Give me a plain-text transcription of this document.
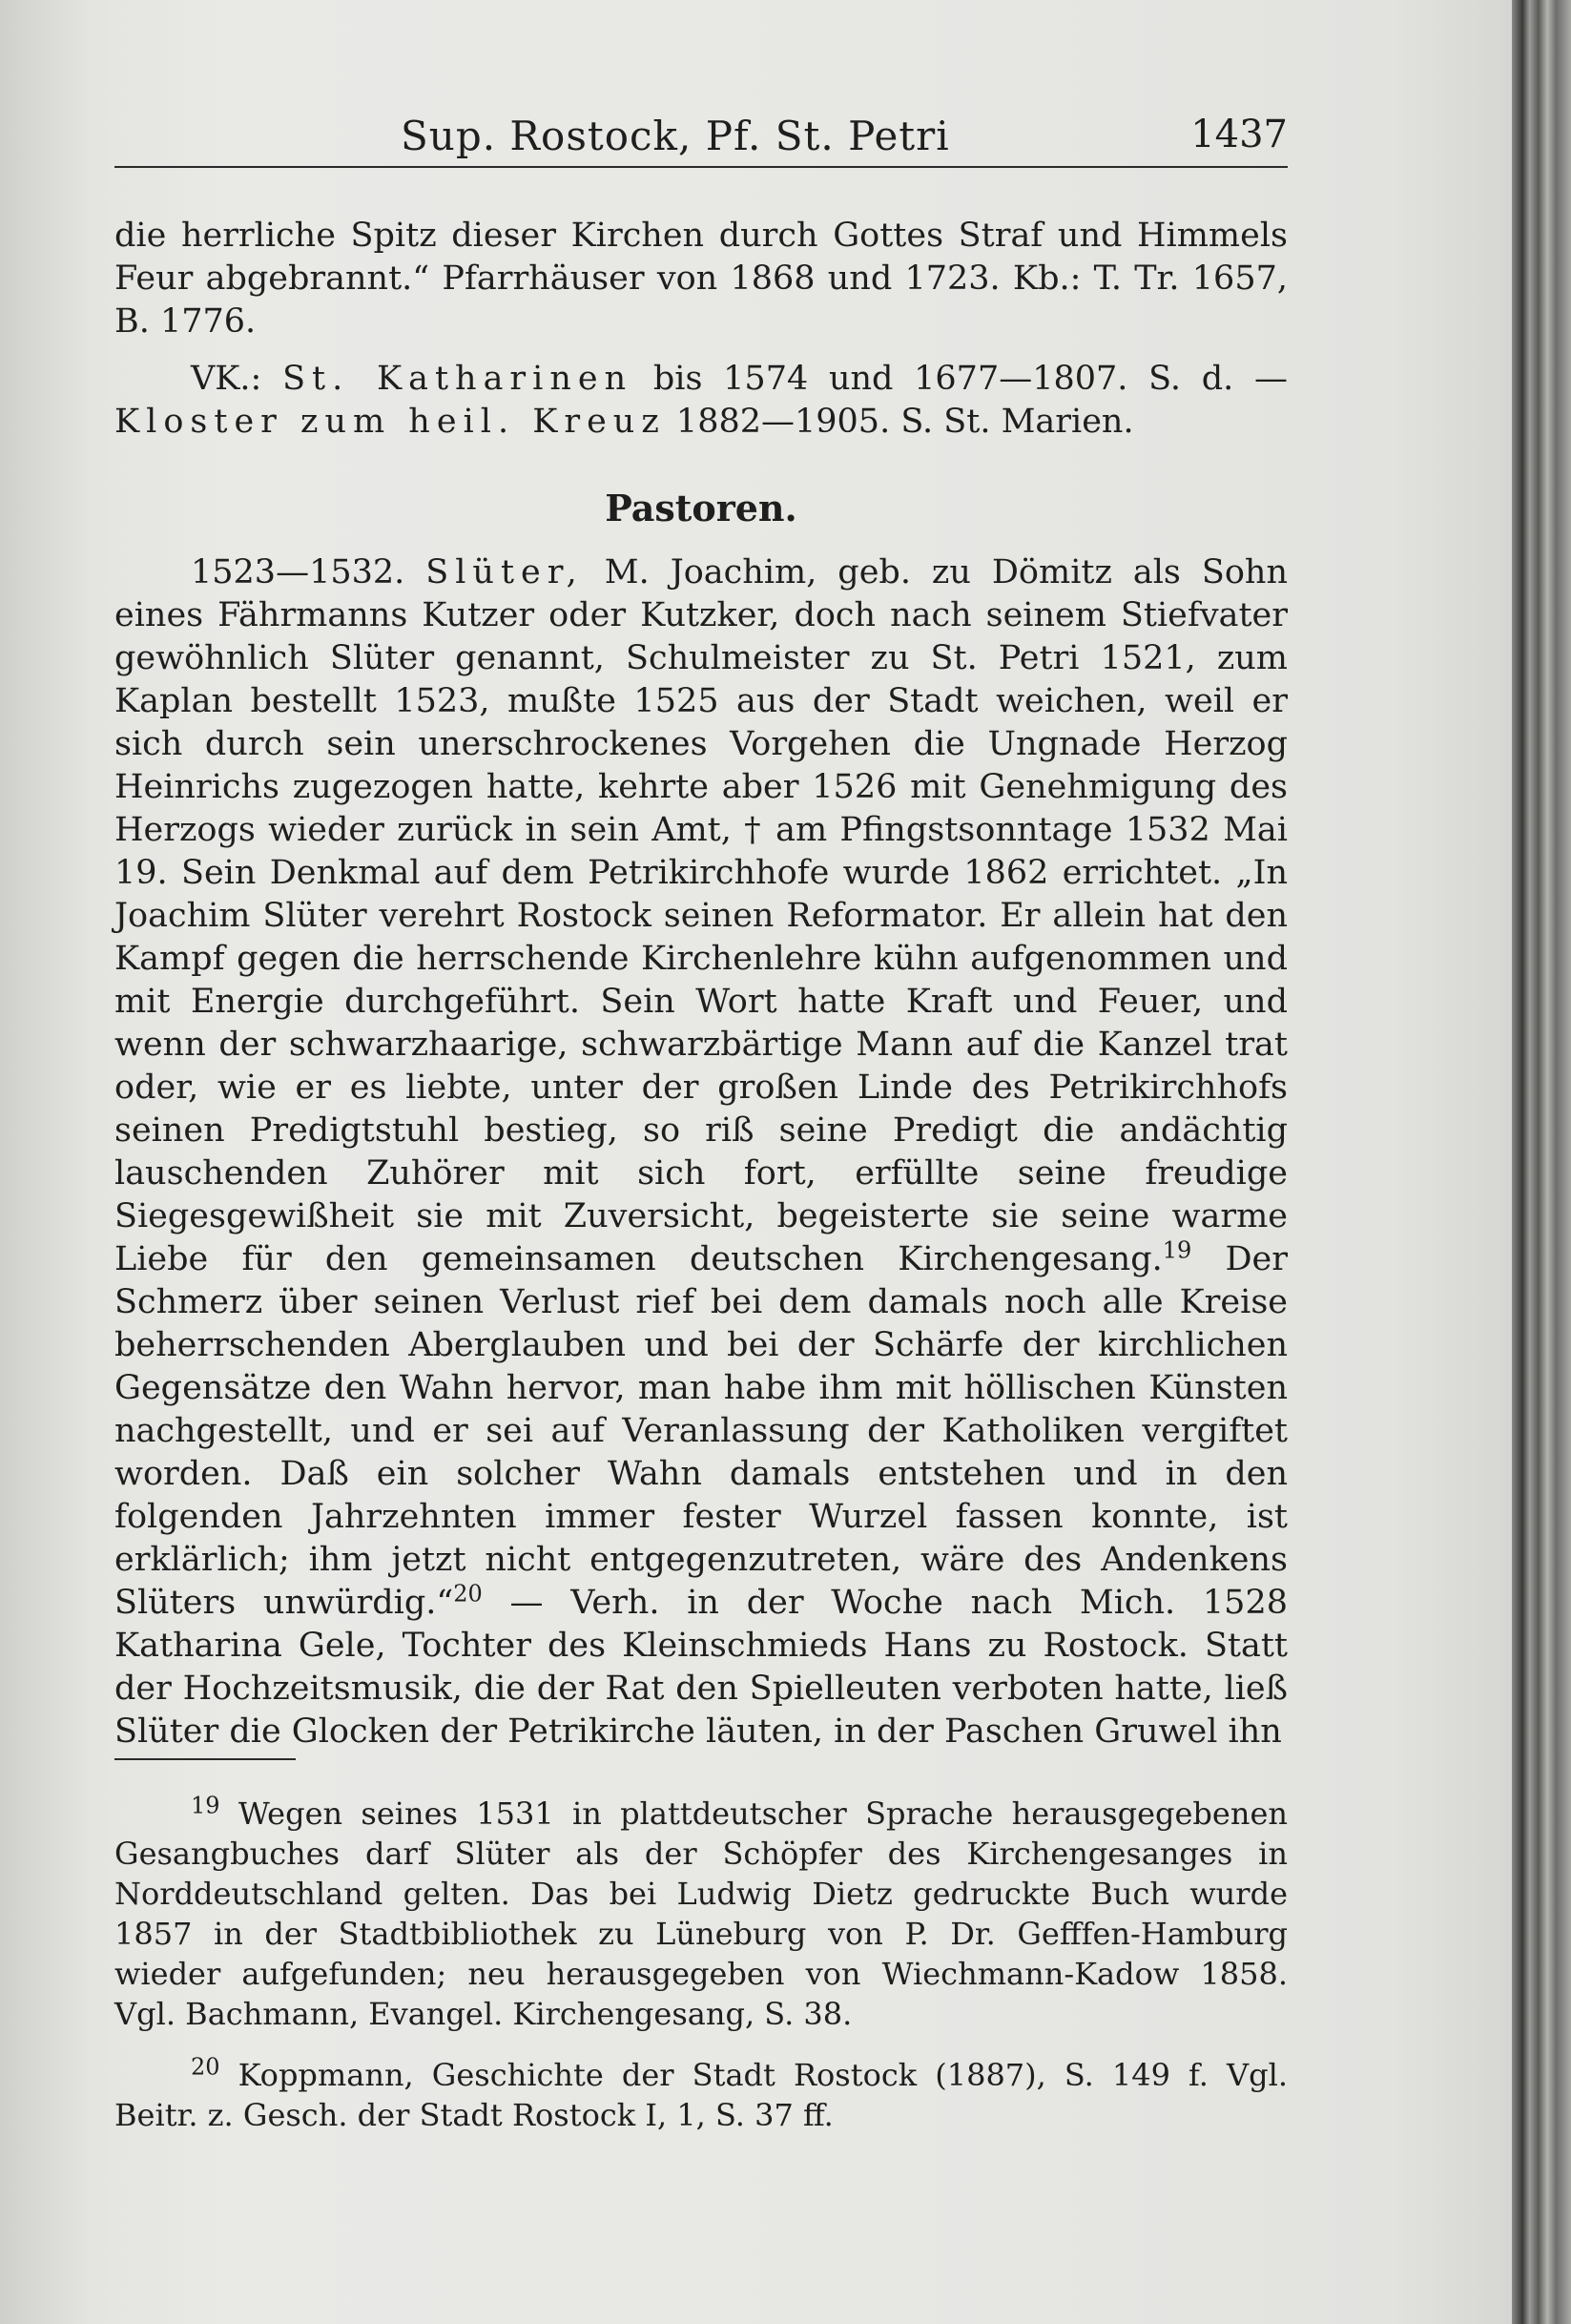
Sup. Rostock, Pf. St. Petri	1437

die herrliche Spitz dieser Kirchen durch Gottes Straf und Himmels Feur abgebrannt.“ Pfarrhäuser von 1868 und 1723. Kb.: T. Tr. 1657, B. 1776.

VK.: St. Katharinen bis 1574 und 1677—1807. S. d. — Kloster zum heil. Kreuz 1882—1905. S. St. Marien.

Pastoren.

1523—1532. Slüter, M. Joachim, geb. zu Dömitz als Sohn eines Fährmanns Kutzer oder Kutzker, doch nach seinem Stiefvater gewöhnlich Slüter genannt, Schulmeister zu St. Petri 1521, zum Kaplan bestellt 1523, mußte 1525 aus der Stadt weichen, weil er sich durch sein unerschrockenes Vorgehen die Ungnade Herzog Heinrichs zugezogen hatte, kehrte aber 1526 mit Genehmigung des Herzogs wieder zurück in sein Amt, † am Pfingstsonntage 1532 Mai 19. Sein Denkmal auf dem Petrikirchhofe wurde 1862 errichtet. „In Joachim Slüter verehrt Rostock seinen Reformator. Er allein hat den Kampf gegen die herrschende Kirchenlehre kühn aufgenommen und mit Energie durchgeführt. Sein Wort hatte Kraft und Feuer, und wenn der schwarzhaarige, schwarzbärtige Mann auf die Kanzel trat oder, wie er es liebte, unter der großen Linde des Petrikirchhofs seinen Predigtstuhl bestieg, so riß seine Predigt die andächtig lauschenden Zuhörer mit sich fort, erfüllte seine freudige Siegesgewißheit sie mit Zuversicht, begeisterte sie seine warme Liebe für den gemeinsamen deutschen Kirchengesang.$^{19}$ Der Schmerz über seinen Verlust rief bei dem damals noch alle Kreise beherrschenden Aberglauben und bei der Schärfe der kirchlichen Gegensätze den Wahn hervor, man habe ihm mit höllischen Künsten nachgestellt, und er sei auf Veranlassung der Katholiken vergiftet worden. Daß ein solcher Wahn damals entstehen und in den folgenden Jahrzehnten immer fester Wurzel fassen konnte, ist erklärlich; ihm jetzt nicht entgegenzutreten, wäre des Andenkens Slüters unwürdig.“$^{20}$ — Verh. in der Woche nach Mich. 1528 Katharina Gele, Tochter des Kleinschmieds Hans zu Rostock. Statt der Hochzeitsmusik, die der Rat den Spielleuten verboten hatte, ließ Slüter die Glocken der Petrikirche läuten, in der Paschen Gruwel ihn

$^{19}$ Wegen seines 1531 in plattdeutscher Sprache herausgegebenen Gesangbuches darf Slüter als der Schöpfer des Kirchengesanges in Norddeutschland gelten. Das bei Ludwig Dietz gedruckte Buch wurde 1857 in der Stadtbibliothek zu Lüneburg von P. Dr. Gefffen-Hamburg wieder aufgefunden; neu herausgegeben von Wiechmann-Kadow 1858. Vgl. Bachmann, Evangel. Kirchengesang, S. 38.

$^{20}$ Koppmann, Geschichte der Stadt Rostock (1887), S. 149 f. Vgl. Beitr. z. Gesch. der Stadt Rostock I, 1, S. 37 ff.
